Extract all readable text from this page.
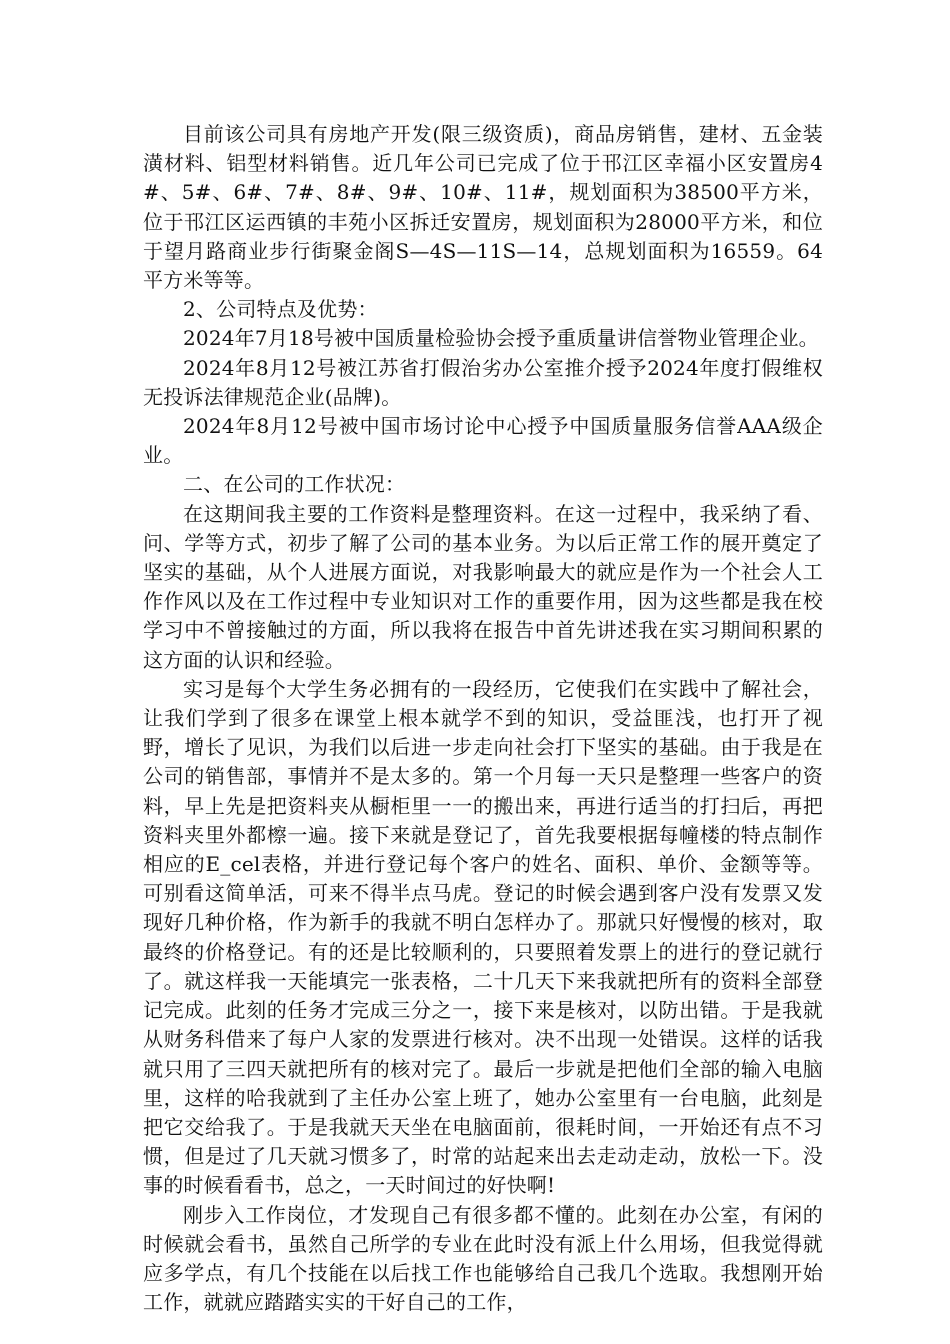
目前该公司具有房地产开发(限三级资质)，商品房销售，建材、五金装潢材料、铝型材料销售。近几年公司已完成了位于邗江区幸福小区安置房4#、5#、6#、7#、8#、9#、10#、11#，规划面积为38500平方米，位于邗江区运西镇的丰苑小区拆迁安置房，规划面积为28000平方米，和位于望月路商业步行街聚金阁S—4S—11S—14，总规划面积为16559。64平方米等等。

2、公司特点及优势：

2024年7月18号被中国质量检验协会授予重质量讲信誉物业管理企业。

2024年8月12号被江苏省打假治劣办公室推介授予2024年度打假维权无投诉法律规范企业(品牌)。

2024年8月12号被中国市场讨论中心授予中国质量服务信誉AAA级企业。

二、在公司的工作状况：

在这期间我主要的工作资料是整理资料。在这一过程中，我采纳了看、问、学等方式，初步了解了公司的基本业务。为以后正常工作的展开奠定了坚实的基础，从个人进展方面说，对我影响最大的就应是作为一个社会人工作作风以及在工作过程中专业知识对工作的重要作用，因为这些都是我在校学习中不曾接触过的方面，所以我将在报告中首先讲述我在实习期间积累的这方面的认识和经验。

实习是每个大学生务必拥有的一段经历，它使我们在实践中了解社会，让我们学到了很多在课堂上根本就学不到的知识，受益匪浅，也打开了视野，增长了见识，为我们以后进一步走向社会打下坚实的基础。由于我是在公司的销售部，事情并不是太多的。第一个月每一天只是整理一些客户的资料，早上先是把资料夹从橱柜里一一的搬出来，再进行适当的打扫后，再把资料夹里外都檫一遍。接下来就是登记了，首先我要根据每幢楼的特点制作相应的E_cel表格，并进行登记每个客户的姓名、面积、单价、金额等等。可别看这简单活，可来不得半点马虎。登记的时候会遇到客户没有发票又发现好几种价格，作为新手的我就不明白怎样办了。那就只好慢慢的核对，取最终的价格登记。有的还是比较顺利的，只要照着发票上的进行的登记就行了。就这样我一天能填完一张表格，二十几天下来我就把所有的资料全部登记完成。此刻的任务才完成三分之一，接下来是核对，以防出错。于是我就从财务科借来了每户人家的发票进行核对。决不出现一处错误。这样的话我就只用了三四天就把所有的核对完了。最后一步就是把他们全部的输入电脑里，这样的哈我就到了主任办公室上班了，她办公室里有一台电脑，此刻是把它交给我了。于是我就天天坐在电脑面前，很耗时间，一开始还有点不习惯，但是过了几天就习惯多了，时常的站起来出去走动走动，放松一下。没事的时候看看书，总之，一天时间过的好快啊!

刚步入工作岗位，才发现自己有很多都不懂的。此刻在办公室，有闲的时候就会看书，虽然自己所学的专业在此时没有派上什么用场，但我觉得就应多学点，有几个技能在以后找工作也能够给自己我几个选取。我想刚开始工作，就就应踏踏实实的干好自己的工作，
